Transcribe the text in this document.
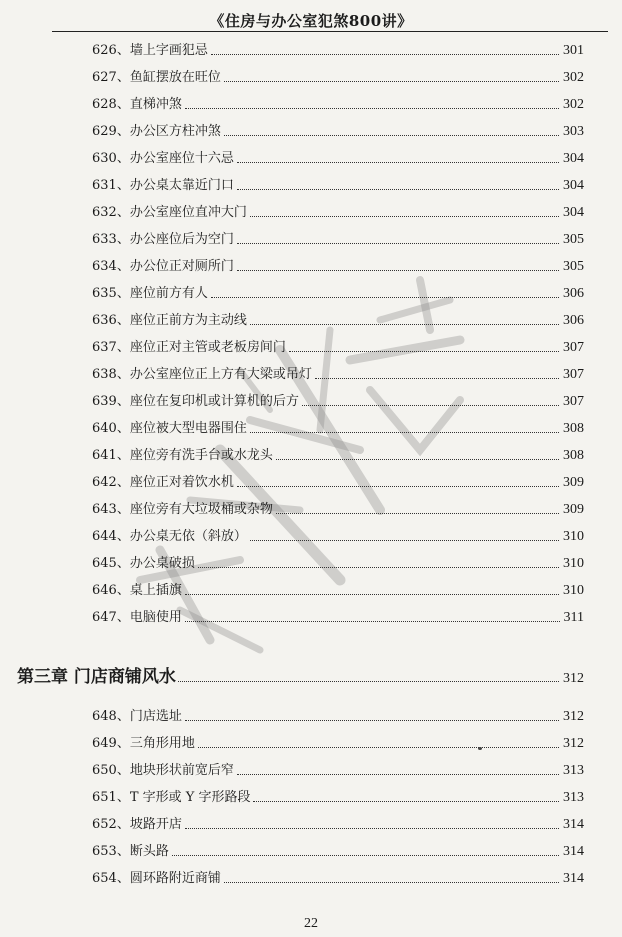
《住房与办公室犯煞800讲》
626、墙上字画犯忌	301
627、鱼缸摆放在旺位	302
628、直梯冲煞	302
629、办公区方柱冲煞	303
630、办公室座位十六忌	304
631、办公桌太靠近门口	304
632、办公室座位直冲大门	304
633、办公座位后为空门	305
634、办公位正对厕所门	305
635、座位前方有人	306
636、座位正前方为主动线	306
637、座位正对主管或老板房间门	307
638、办公室座位正上方有大梁或吊灯	307
639、座位在复印机或计算机的后方	307
640、座位被大型电器围住	308
641、座位旁有洗手台或水龙头	308
642、座位正对着饮水机	309
643、座位旁有大垃圾桶或杂物	309
644、办公桌无依（斜放）	310
645、办公桌破损	310
646、桌上插旗	310
647、电脑使用	311
第三章 门店商铺风水	312
648、门店选址	312
649、三角形用地	312
650、地块形状前宽后窄	313
651、T 字形或 Y 字形路段	313
652、坡路开店	314
653、断头路	314
654、圆环路附近商铺	314
22
